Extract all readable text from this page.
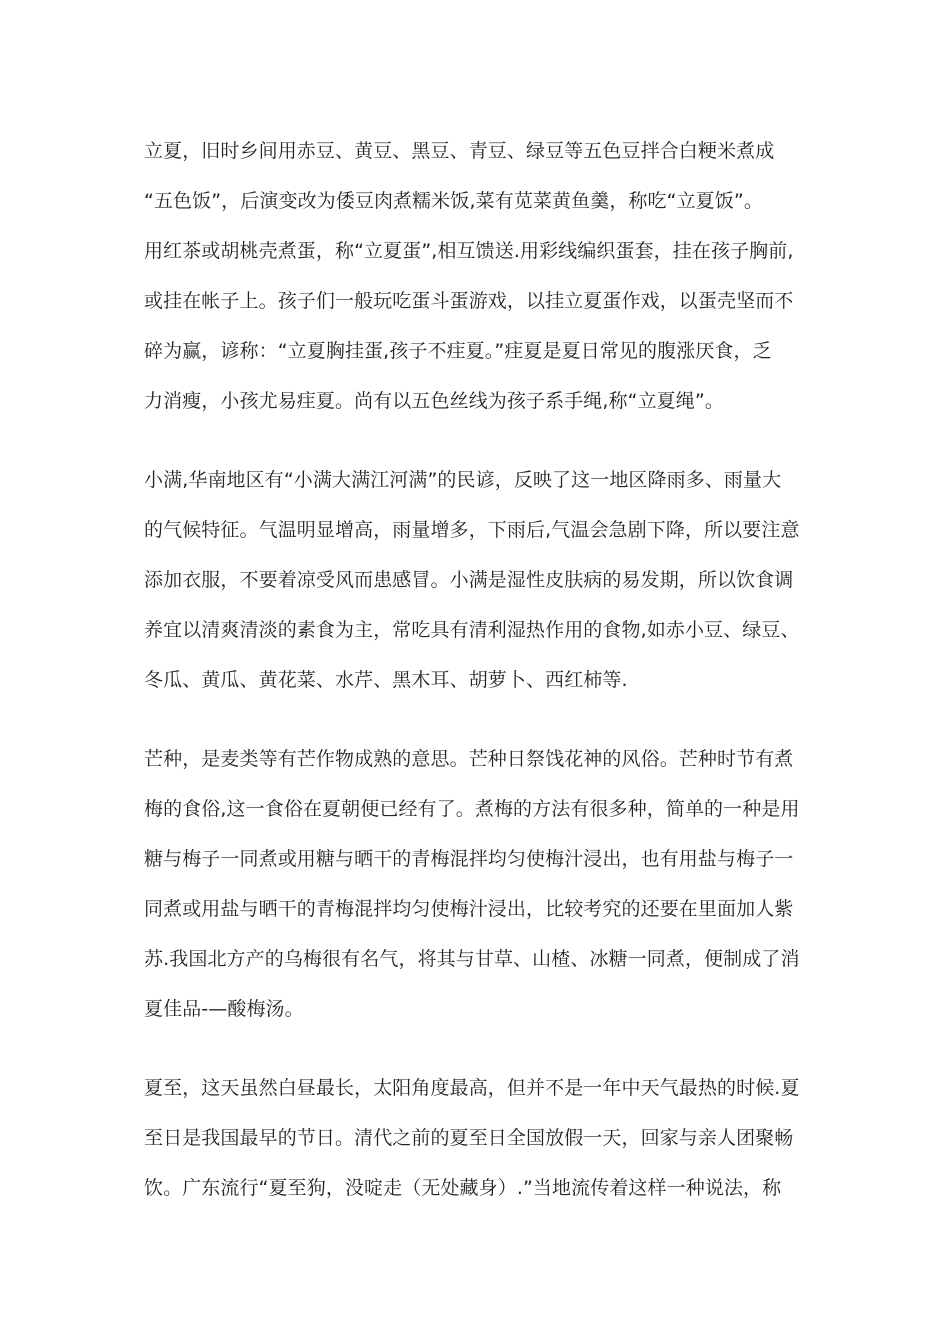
立夏，旧时乡间用赤豆、黄豆、黑豆、青豆、绿豆等五色豆拌合白粳米煮成
“五色饭”，后演变改为倭豆肉煮糯米饭,菜有苋菜黄鱼羹，称吃“立夏饭”。
用红茶或胡桃壳煮蛋，称“立夏蛋”,相互馈送.用彩线编织蛋套，挂在孩子胸前,
或挂在帐子上。孩子们一般玩吃蛋斗蛋游戏，以挂立夏蛋作戏，以蛋壳坚而不
碎为赢，谚称：“立夏胸挂蛋,孩子不疰夏。”疰夏是夏日常见的腹涨厌食，乏
力消瘦，小孩尤易疰夏。尚有以五色丝线为孩子系手绳,称“立夏绳”。
小满,华南地区有“小满大满江河满”的民谚，反映了这一地区降雨多、雨量大
的气候特征。气温明显增高，雨量增多，下雨后,气温会急剧下降，所以要注意
添加衣服，不要着凉受风而患感冒。小满是湿性皮肤病的易发期，所以饮食调
养宜以清爽清淡的素食为主，常吃具有清利湿热作用的食物,如赤小豆、绿豆、
冬瓜、黄瓜、黄花菜、水芹、黑木耳、胡萝卜、西红柿等.
芒种，是麦类等有芒作物成熟的意思。芒种日祭饯花神的风俗。芒种时节有煮
梅的食俗,这一食俗在夏朝便已经有了。煮梅的方法有很多种，简单的一种是用
糖与梅子一同煮或用糖与晒干的青梅混拌均匀使梅汁浸出，也有用盐与梅子一
同煮或用盐与晒干的青梅混拌均匀使梅汁浸出，比较考究的还要在里面加人紫
苏.我国北方产的乌梅很有名气，将其与甘草、山楂、冰糖一同煮，便制成了消
夏佳品-—酸梅汤。
夏至，这天虽然白昼最长，太阳角度最高，但并不是一年中天气最热的时候.夏
至日是我国最早的节日。清代之前的夏至日全国放假一天，回家与亲人团聚畅
饮。广东流行“夏至狗，没啶走（无处藏身）.”当地流传着这样一种说法，称
